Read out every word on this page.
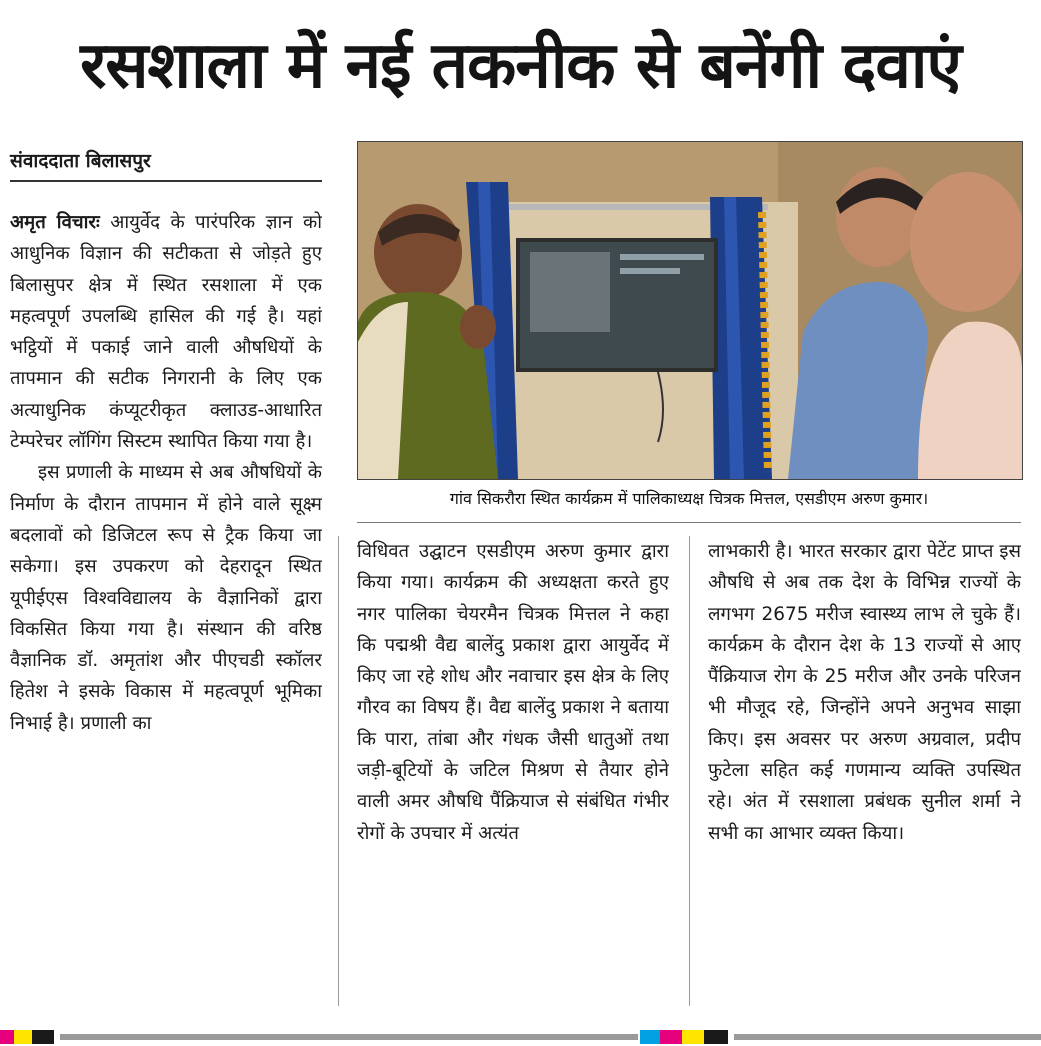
रसशाला में नई तकनीक से बनेंगी दवाएं
संवाददाता बिलासपुर
गांव सिकरौरा स्थित कार्यक्रम में पालिकाध्यक्ष चित्रक मित्तल, एसडीएम अरुण कुमार।

अमृत विचारः आयुर्वेद के पारंपरिक ज्ञान को आधुनिक विज्ञान की सटीकता से जोड़ते हुए बिलासुपर क्षेत्र में स्थित रसशाला में एक महत्वपूर्ण उपलब्धि हासिल की गई है। यहां भट्ठियों में पकाई जाने वाली औषधियों के तापमान की सटीक निगरानी के लिए एक अत्याधुनिक कंप्यूटरीकृत क्लाउड-आधारित टेम्परेचर लॉगिंग सिस्टम स्थापित किया गया है।

इस प्रणाली के माध्यम से अब औषधियों के निर्माण के दौरान तापमान में होने वाले सूक्ष्म बदलावों को डिजिटल रूप से ट्रैक किया जा सकेगा। इस उपकरण को देहरादून स्थित यूपीईएस विश्वविद्यालय के वैज्ञानिकों द्वारा विकसित किया गया है। संस्थान की वरिष्ठ वैज्ञानिक डॉ. अमृतांश और पीएचडी स्कॉलर हितेश ने इसके विकास में महत्वपूर्ण भूमिका निभाई है। प्रणाली का

विधिवत उद्घाटन एसडीएम अरुण कुमार द्वारा किया गया। कार्यक्रम की अध्यक्षता करते हुए नगर पालिका चेयरमैन चित्रक मित्तल ने कहा कि पद्मश्री वैद्य बालेंदु प्रकाश द्वारा आयुर्वेद में किए जा रहे शोध और नवाचार इस क्षेत्र के लिए गौरव का विषय हैं। वैद्य बालेंदु प्रकाश ने बताया कि पारा, तांबा और गंधक जैसी धातुओं तथा जड़ी-बूटियों के जटिल मिश्रण से तैयार होने वाली अमर औषधि पैंक्रियाज से संबंधित गंभीर रोगों के उपचार में अत्यंत

लाभकारी है। भारत सरकार द्वारा पेटेंट प्राप्त इस औषधि से अब तक देश के विभिन्न राज्यों के लगभग 2675 मरीज स्वास्थ्य लाभ ले चुके हैं। कार्यक्रम के दौरान देश के 13 राज्यों से आए पैंक्रियाज रोग के 25 मरीज और उनके परिजन भी मौजूद रहे, जिन्होंने अपने अनुभव साझा किए। इस अवसर पर अरुण अग्रवाल, प्रदीप फुटेला सहित कई गणमान्य व्यक्ति उपस्थित रहे। अंत में रसशाला प्रबंधक सुनील शर्मा ने सभी का आभार व्यक्त किया।
